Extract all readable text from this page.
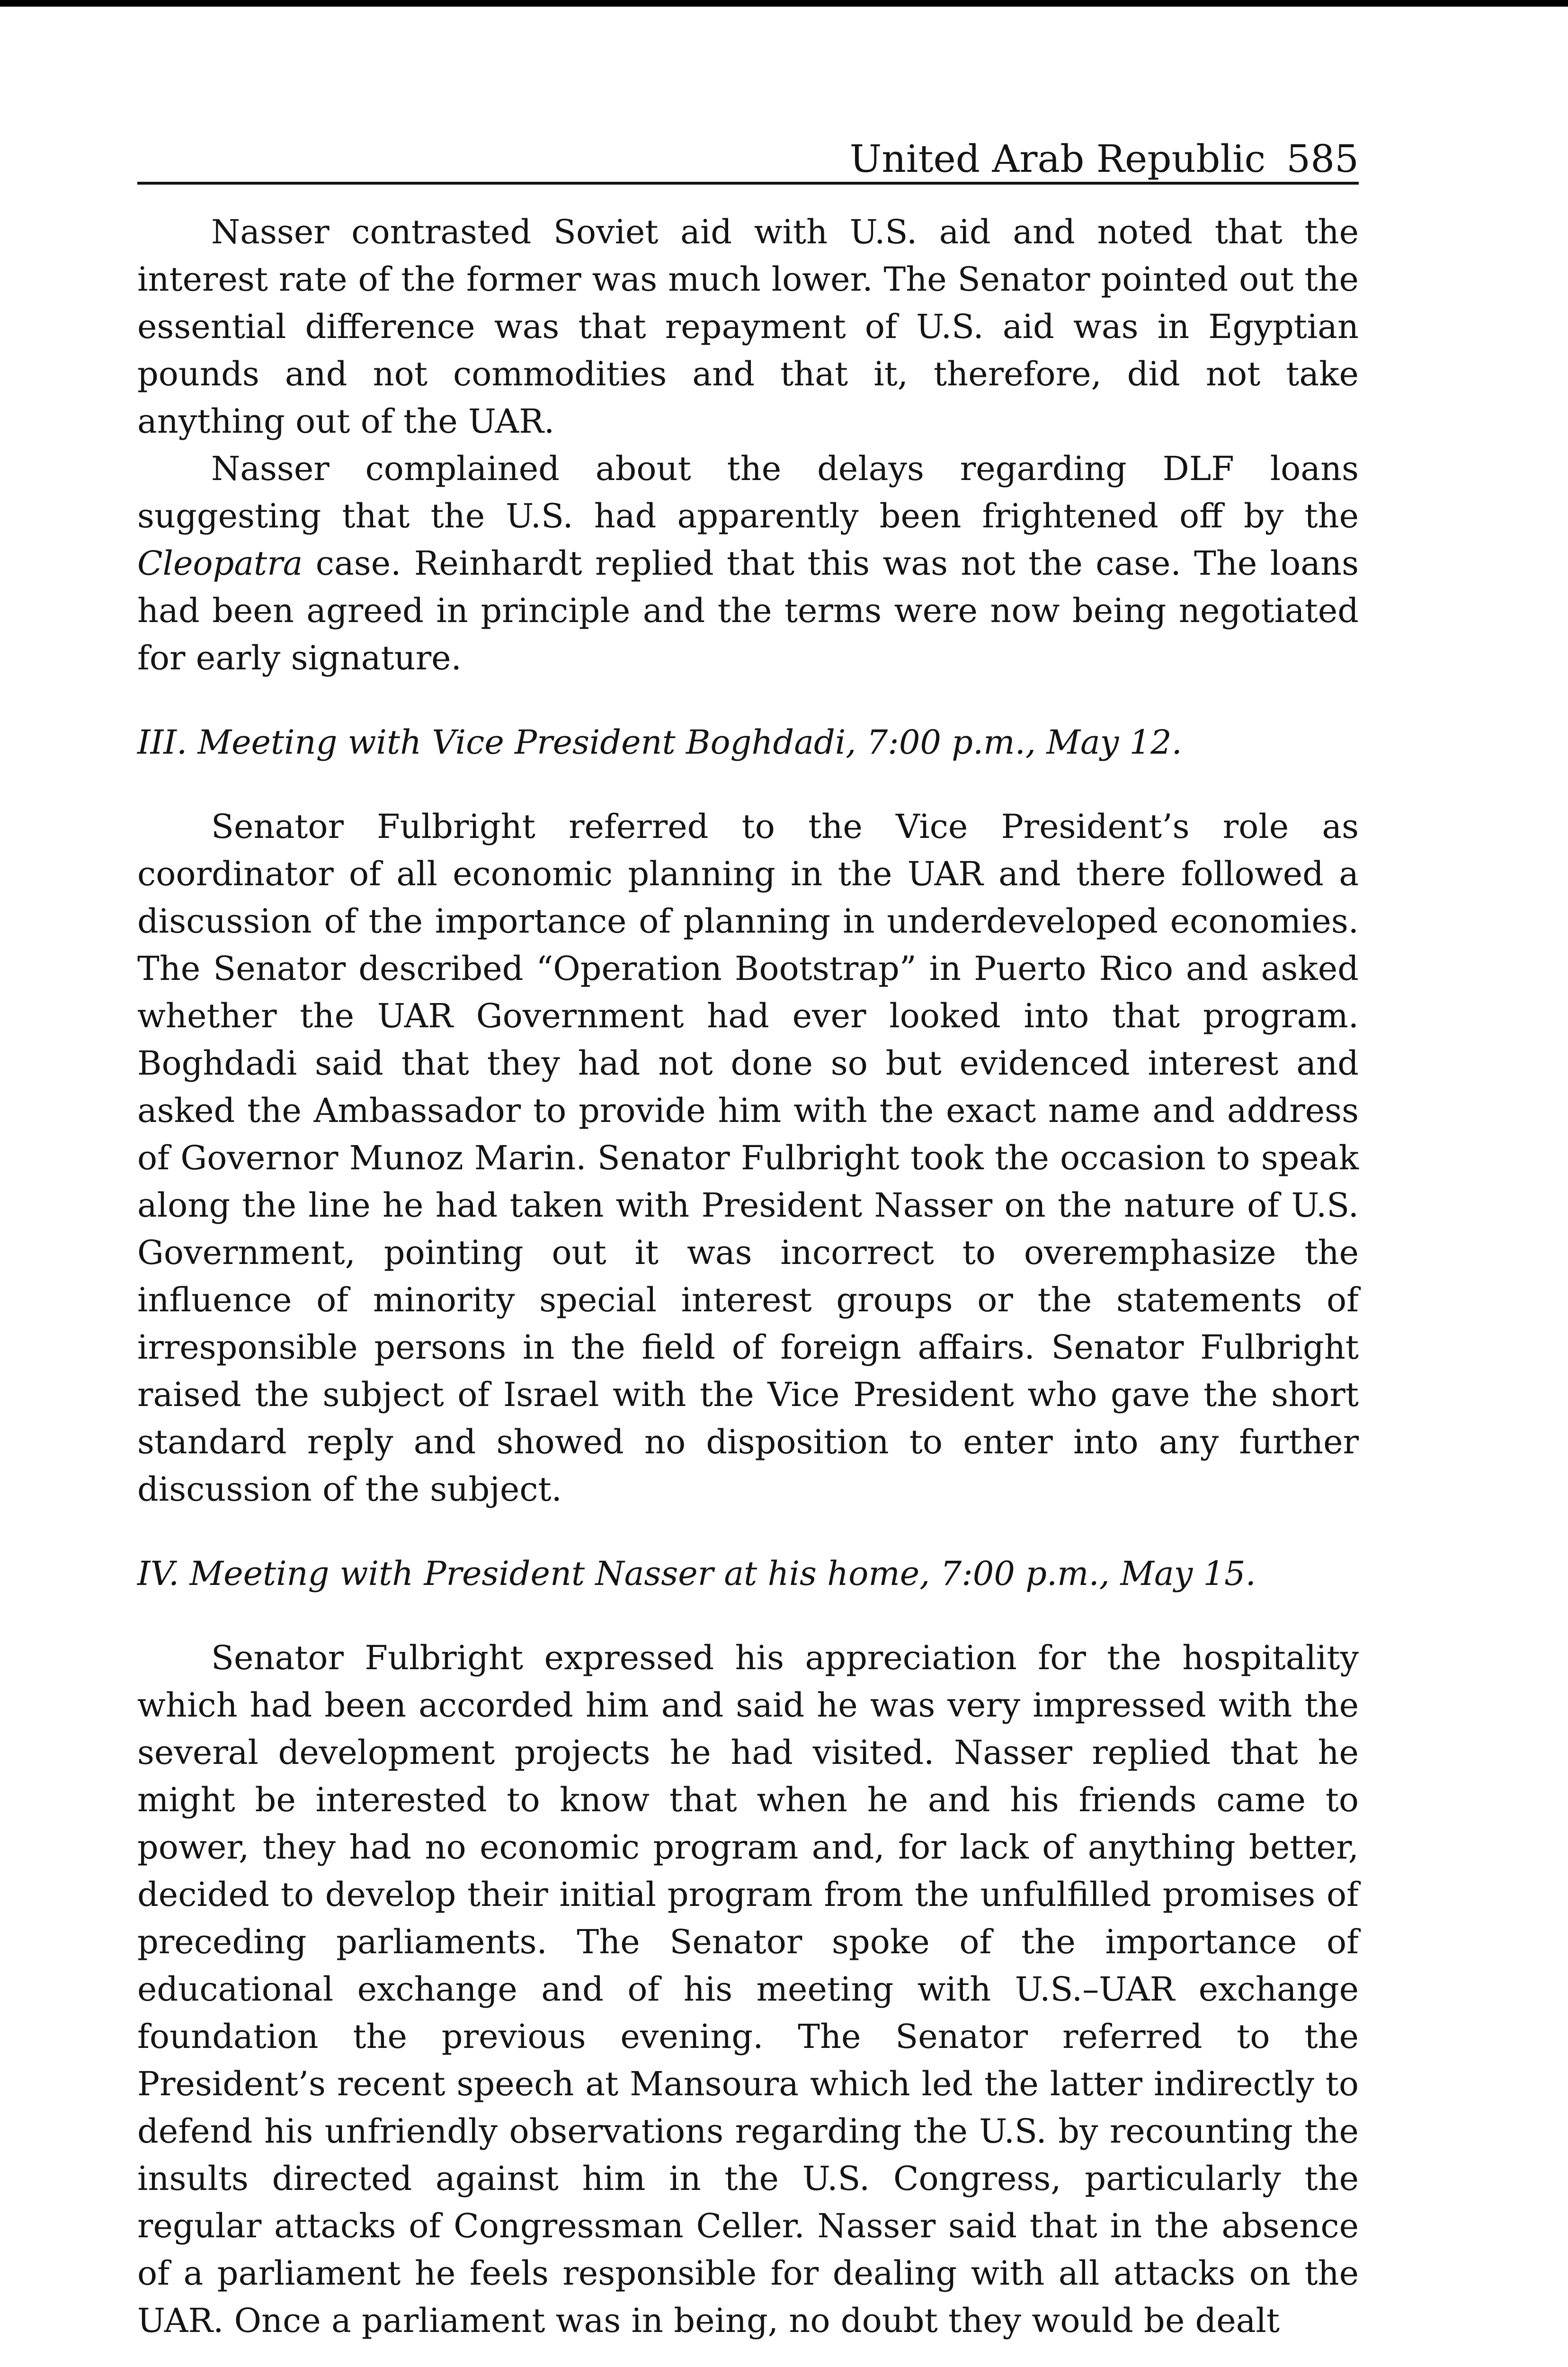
United Arab Republic 585

Nasser contrasted Soviet aid with U.S. aid and noted that the interest rate of the former was much lower. The Senator pointed out the essential difference was that repayment of U.S. aid was in Egyptian pounds and not commodities and that it, therefore, did not take anything out of the UAR.

Nasser complained about the delays regarding DLF loans suggesting that the U.S. had apparently been frightened off by the Cleopatra case. Reinhardt replied that this was not the case. The loans had been agreed in principle and the terms were now being negotiated for early signature.

III. Meeting with Vice President Boghdadi, 7:00 p.m., May 12.

Senator Fulbright referred to the Vice President’s role as coordinator of all economic planning in the UAR and there followed a discussion of the importance of planning in underdeveloped economies. The Senator described “Operation Bootstrap” in Puerto Rico and asked whether the UAR Government had ever looked into that program. Boghdadi said that they had not done so but evidenced interest and asked the Ambassador to provide him with the exact name and address of Governor Munoz Marin. Senator Fulbright took the occasion to speak along the line he had taken with President Nasser on the nature of U.S. Government, pointing out it was incorrect to overemphasize the influence of minority special interest groups or the statements of irresponsible persons in the field of foreign affairs. Senator Fulbright raised the subject of Israel with the Vice President who gave the short standard reply and showed no disposition to enter into any further discussion of the subject.

IV. Meeting with President Nasser at his home, 7:00 p.m., May 15.

Senator Fulbright expressed his appreciation for the hospitality which had been accorded him and said he was very impressed with the several development projects he had visited. Nasser replied that he might be interested to know that when he and his friends came to power, they had no economic program and, for lack of anything better, decided to develop their initial program from the unfulfilled promises of preceding parliaments. The Senator spoke of the importance of educational exchange and of his meeting with U.S.–UAR exchange foundation the previous evening. The Senator referred to the President’s recent speech at Mansoura which led the latter indirectly to defend his unfriendly observations regarding the U.S. by recounting the insults directed against him in the U.S. Congress, particularly the regular attacks of Congressman Celler. Nasser said that in the absence of a parliament he feels responsible for dealing with all attacks on the UAR. Once a parliament was in being, no doubt they would be dealt
